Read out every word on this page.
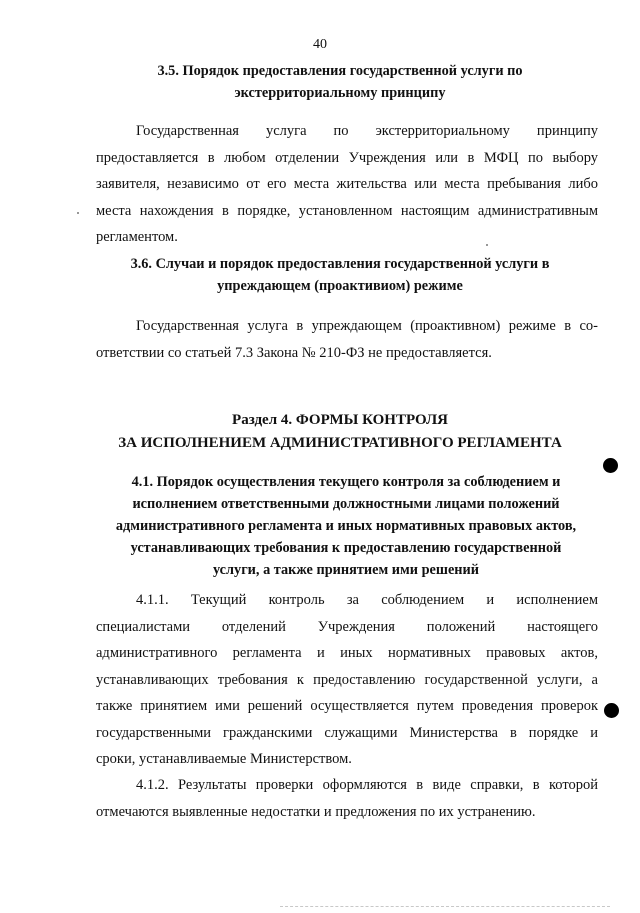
40
3.5. Порядок предоставления государственной услуги по
экстерриториальному принципу
Государственная услуга по экстерриториальному принципу
предоставляется в любом отделении Учреждения или в МФЦ по выбору
заявителя, независимо от его места жительства или места пребывания либо
места нахождения в порядке, установленном настоящим административным
регламентом.
3.6. Случаи и порядок предоставления государственной услуги в
упреждающем (проактивиом) режиме
Государственная услуга в упреждающем (проактивном) режиме в со-
ответствии со статьей 7.3 Закона № 210-ФЗ не предоставляется.
Раздел 4. ФОРМЫ КОНТРОЛЯ
ЗА ИСПОЛНЕНИЕМ АДМИНИСТРАТИВНОГО РЕГЛАМЕНТА
4.1. Порядок осуществления текущего контроля за соблюдением и
исполнением ответственными должностными лицами положений
административного регламента и иных нормативных правовых актов,
устанавливающих требования к предоставлению государственной
услуги, а также принятием ими решений
4.1.1. Текущий контроль за соблюдением и исполнением
специалистами отделений Учреждения положений настоящего
административного регламента и иных нормативных правовых актов,
устанавливающих требования к предоставлению государственной услуги, а
также принятием ими решений осуществляется путем проведения проверок
государственными гражданскими служащими Министерства в порядке и
сроки, устанавливаемые Министерством.
4.1.2. Результаты проверки оформляются в виде справки, в которой
отмечаются выявленные недостатки и предложения по их устранению.
